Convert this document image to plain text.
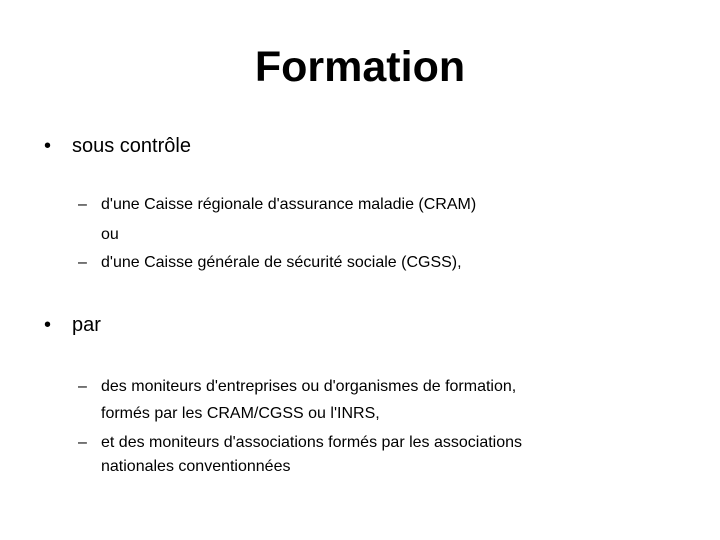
Formation
• sous contrôle
– d'une Caisse régionale d'assurance maladie (CRAM)
ou
– d'une Caisse générale de sécurité sociale (CGSS),
• par
– des moniteurs d'entreprises ou d'organismes de formation,
formés par les CRAM/CGSS ou l'INRS,
– et des moniteurs d'associations formés par les associations
nationales conventionnées
